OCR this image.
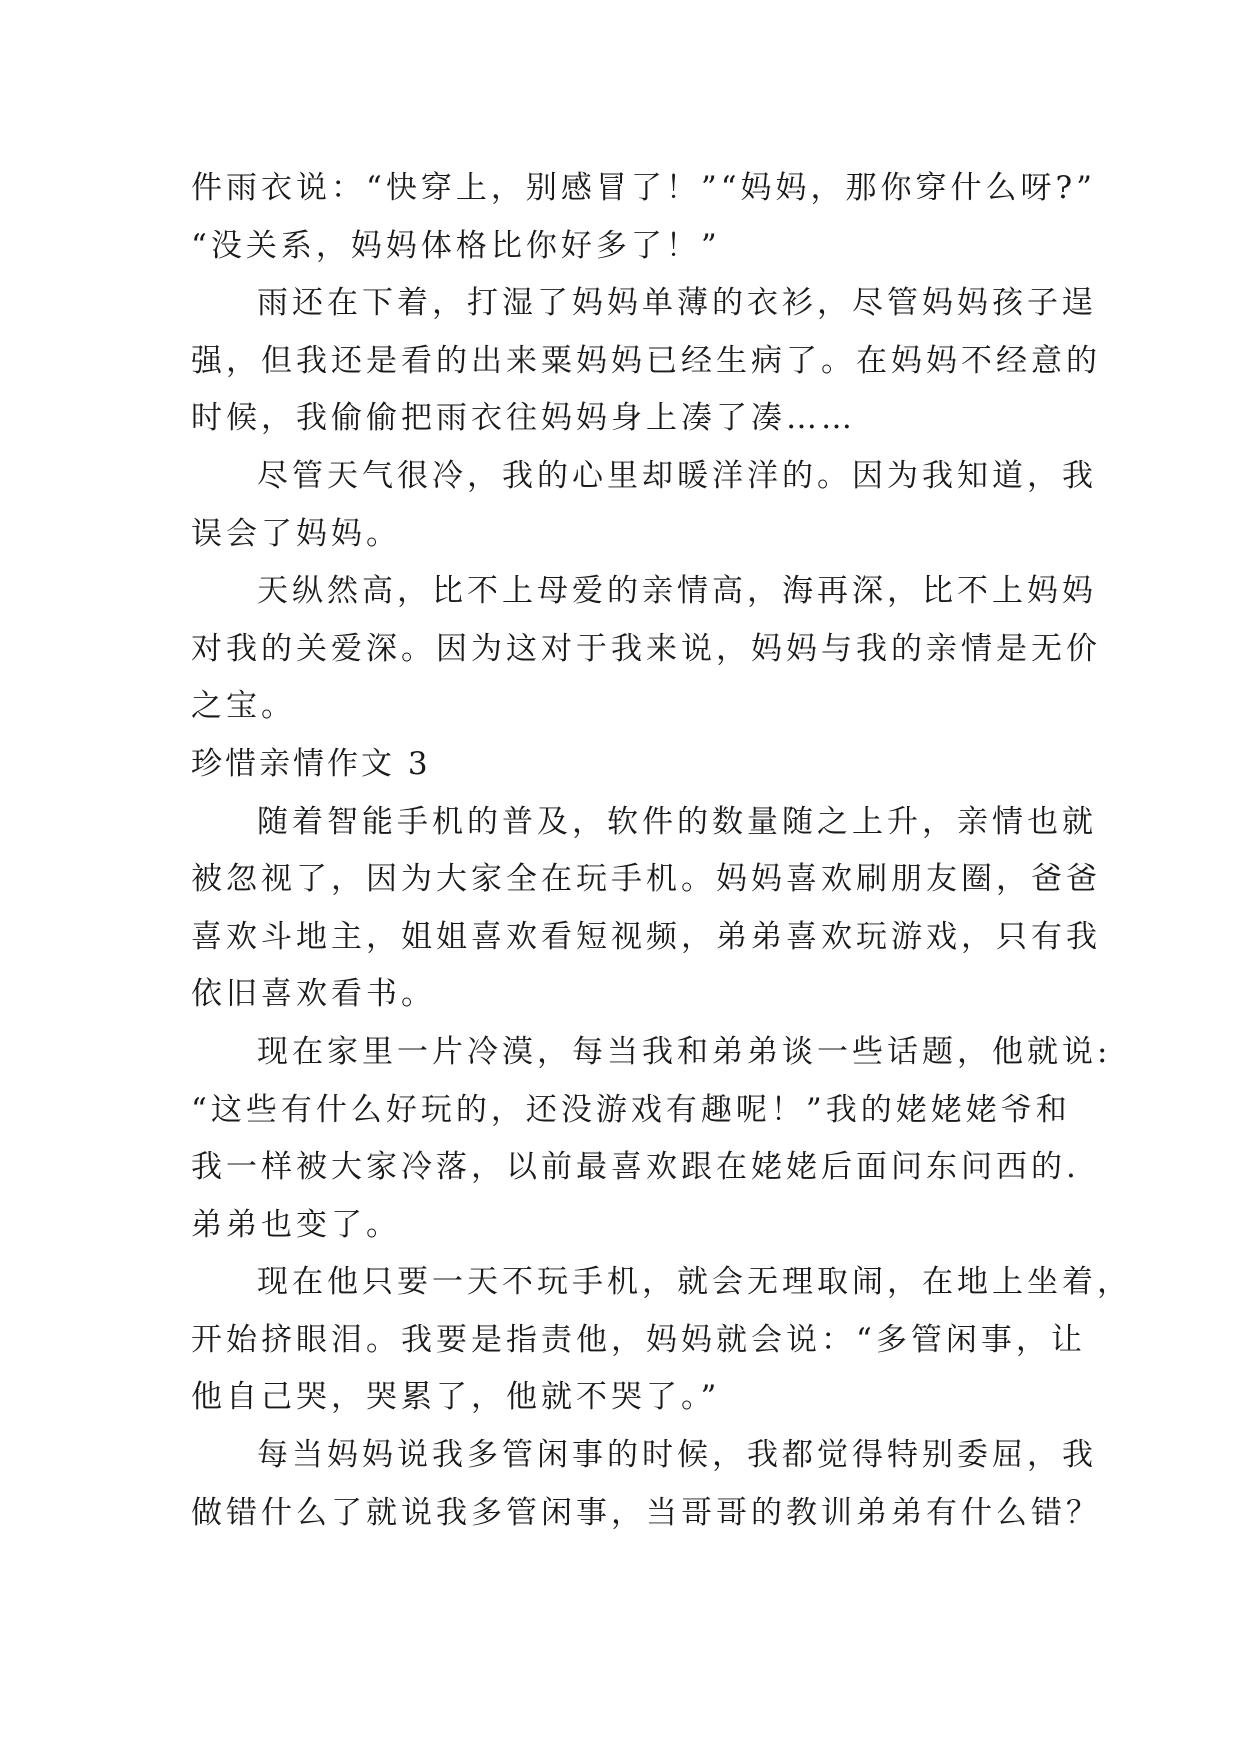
件雨衣说：“快穿上，别感冒了！”“妈妈，那你穿什么呀?”
“没关系，妈妈体格比你好多了！”
雨还在下着，打湿了妈妈单薄的衣衫，尽管妈妈孩子逞
强，但我还是看的出来粟妈妈已经生病了。在妈妈不经意的
时候，我偷偷把雨衣往妈妈身上凑了凑……
尽管天气很冷，我的心里却暖洋洋的。因为我知道，我
误会了妈妈。
天纵然高，比不上母爱的亲情高，海再深，比不上妈妈
对我的关爱深。因为这对于我来说，妈妈与我的亲情是无价
之宝。
珍惜亲情作文 3
随着智能手机的普及，软件的数量随之上升，亲情也就
被忽视了，因为大家全在玩手机。妈妈喜欢刷朋友圈，爸爸
喜欢斗地主，姐姐喜欢看短视频，弟弟喜欢玩游戏，只有我
依旧喜欢看书。
现在家里一片冷漠，每当我和弟弟谈一些话题，他就说:
“这些有什么好玩的，还没游戏有趣呢！”我的姥姥姥爷和
我一样被大家冷落，以前最喜欢跟在姥姥后面问东问西的.
弟弟也变了。
现在他只要一天不玩手机，就会无理取闹，在地上坐着，
开始挤眼泪。我要是指责他，妈妈就会说：“多管闲事，让
他自己哭，哭累了，他就不哭了。”
每当妈妈说我多管闲事的时候，我都觉得特别委屈，我
做错什么了就说我多管闲事，当哥哥的教训弟弟有什么错？
